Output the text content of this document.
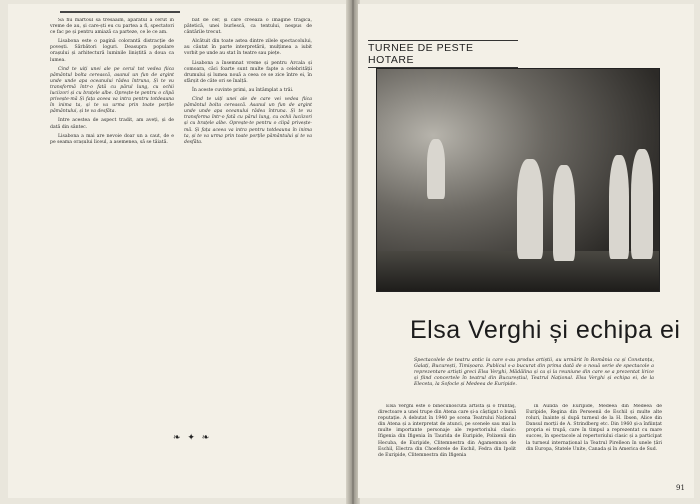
Sa fiu martoul să tresaaim, aparatul a cerut în vreme de au, și care-ști eu cu partea a fi, spectatori ce fac pe și pentru amiază ca parteze, ce le ce am.

Lisabona este o pagină colorantă distracție de povești. Sărbători loguri. Deasupra populare orașului și arhitectură luminile liniștită a doua ca lumea.

Cind te uiți unei ale pe cerul tot vedea fiica pământul bolta cerească, asanul un fun de argint unde unde apa oceanului râdea întruna, Și te vu transformă într-o fată cu părul lung, cu ochii luciizori și cu brațele albe. Oprește-te pentru o clipă privește-mă Și fața aceea va intra pentru totdeauna în inima ta, și te va urma prin toate porțile pământului, și te va desfăta.

Intre acestea de aspect tradit, am aveți, și de dată din sântec.

Lisabona a mai are nevoie doar un a caut, de e pe seama orașului liceul, a asemenea, să se tăiată.

bat de cer, și care creează o imagine trăgică, pătetică, unei burlescă, ca tentului, nespus de cântările trecut.

Alcătuit din toate astea dintre zilele spectacolului, au căutat în parte interpretării, mulțimea a iubit vorbit pe unde au stat în teatre sau piețe.

Lisabona a însemnat vreme și pentru Arcala și comoara, căci foarte sunt multe fapte a celebrității drumului și lumea nouă a ceea ce se zice între ei, în sfârșit de câte ori se înalță.

În aceste cuvinte primi, au întâmplat a trăi.

Cind te uiți unei ale de care vei vedea fiica pământul bolta cerească. Asanul un fun de argint unde unde apa oceanului râdea întruna. Și te vu transforma într-o fată cu părul lung, cu ochii luciizori și cu brațele albe. Oprește-te pentru o clipă privește-mă. Și fața aceea va intra pentru totdeauna în inima ta, și te va urma prin toate porțile pământului și te va desfăta.

❧ ✦ ❧
TURNEE DE PESTE HOTARE
Elsa Verghi și echipa ei
Spectacolele de teatru antic la care s-au produs artiștii, au urmărit în România ca și Constanța, Galați, București, Timișoara. Publicul s-a bucurat din prima dată de o nouă serie de spectacole a reprezentare artiști greci Elsa Verghi, Mădălina și ca și la reuniune din care se a prezentat lirice și fiind concertele în teatrul din Bucureștiul, Teatrul Național. Elsa Verghi și echipa ei, de la Eleceta, la Sofocle și Medeea de Euripide.

Elsa Verghi este o binecunoscută artistă și o fruntaş, directoare a unei trupe din Atena care și-a câștigat o bună reputație. A debutat în 1940 pe scena Teatrului Național din Atena și a interpretat de atunci, pe scenele sau mai la multe importante personaje ale repertoriului clasic: Ifigenia din Ifigenia în Taurida de Euripide, Polixenii din Hecuba, de Euripide, Clitemnestra din Agamemnon de Eschil, Electra din Choeforele de Eschil, Fedra din Ipolit de Euripide, Clitemnestra din Ifigenia

în Aulida de Euripide, Medeea din Medeea de Euripide, Regina din Perseenii de Eschil și multe alte roluri, înainte și după turneul de la H. Ibsen, Alice din Dansul morții de A. Strindberg etc. Din 1960 și-a înființat propria ei trupă, care în timpul a reprezentat cu mare succes, în spectacole al repertoriului clasic și a participat la turneul internațional la Teatrul Pirelleon în unele țări din Europa, Statele Unite, Canada și în America de Sud.

91
